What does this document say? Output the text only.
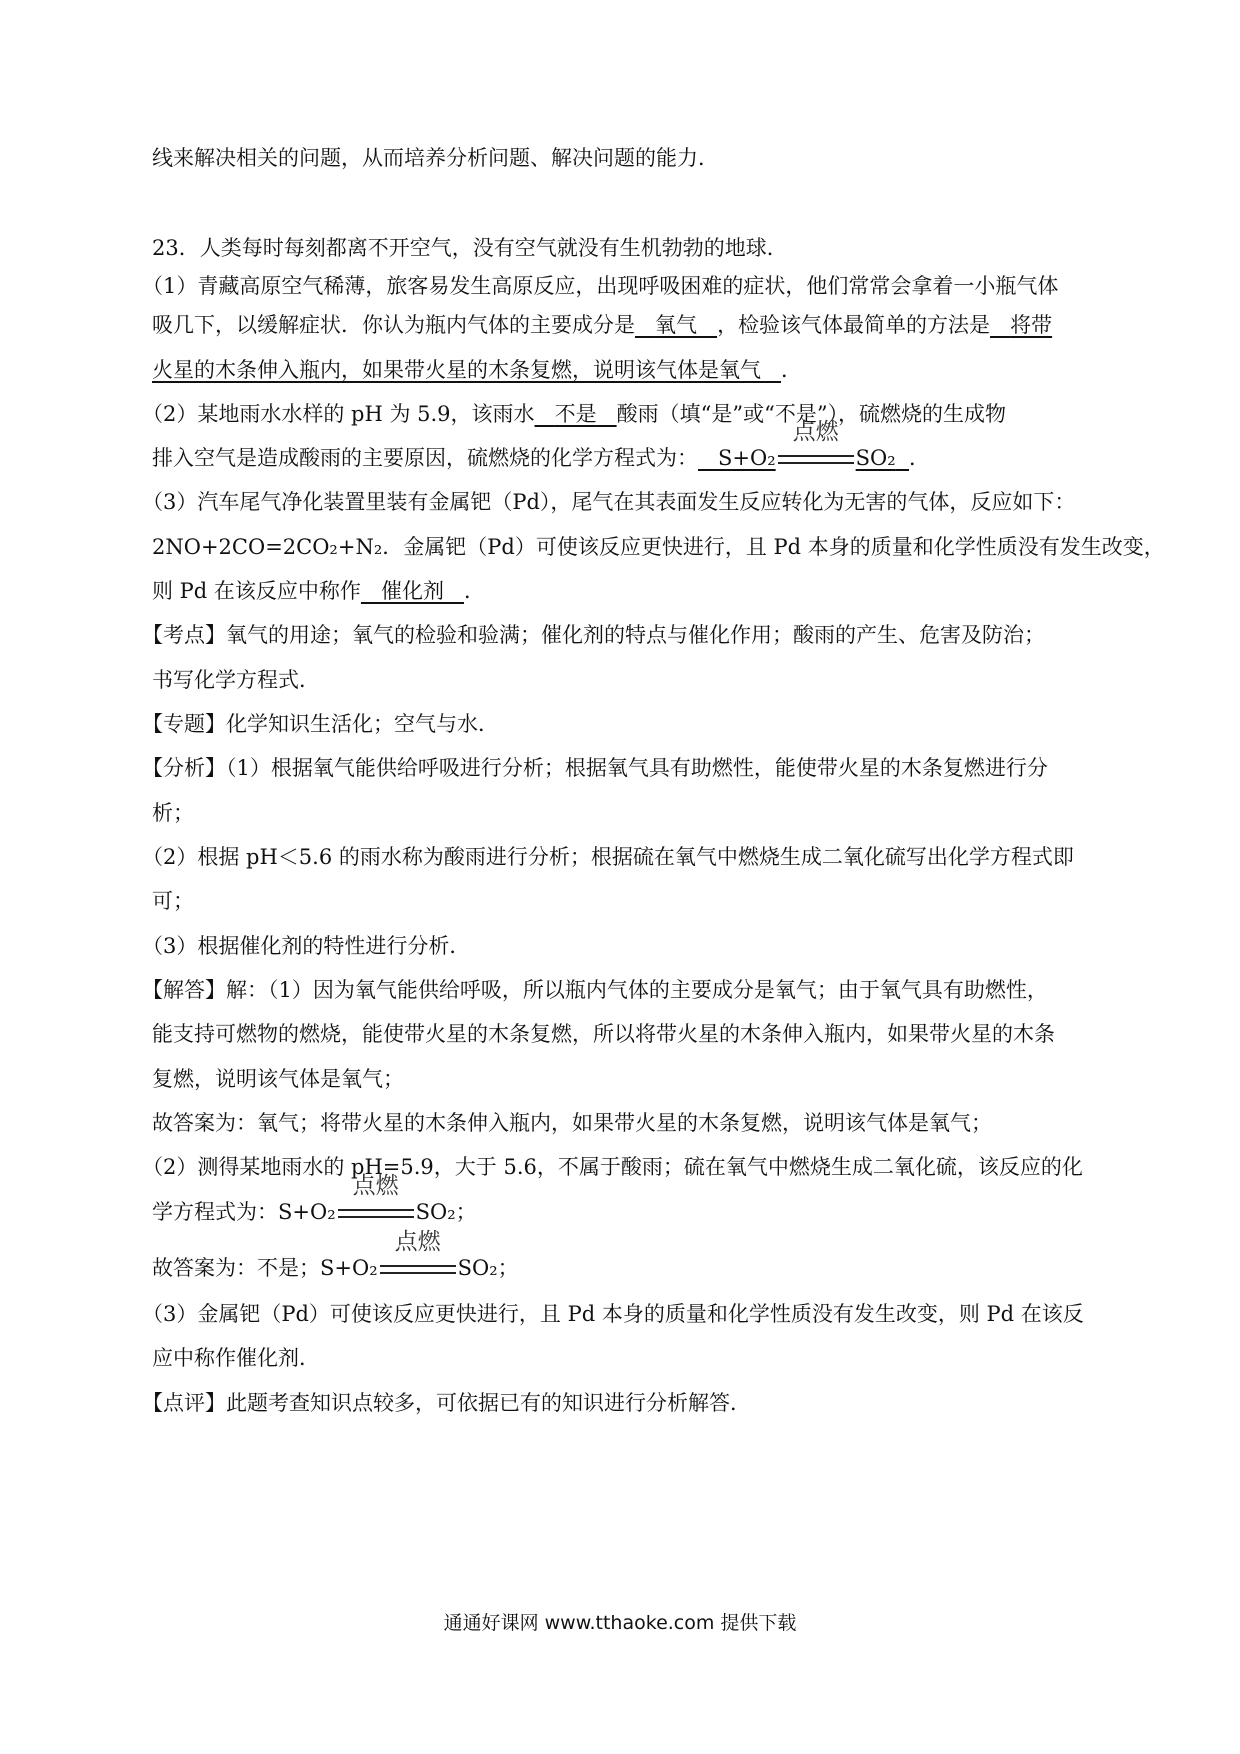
线来解决相关的问题，从而培养分析问题、解决问题的能力．
23．人类每时每刻都离不开空气，没有空气就没有生机勃勃的地球．
（1）青藏高原空气稀薄，旅客易发生高原反应，出现呼吸困难的症状，他们常常会拿着一小瓶气体
吸几下，以缓解症状．你认为瓶内气体的主要成分是 氧气 ，检验该气体最简单的方法是 将带
火星的木条伸入瓶内，如果带火星的木条复燃，说明该气体是氧气 ．
（2）某地雨水水样的 pH 为 5.9，该雨水 不是 酸雨（填“是”或“不是”），硫燃烧的生成物
排入空气是造成酸雨的主要原因，硫燃烧的化学方程式为： S+O₂
点燃
SO₂ ．
（3）汽车尾气净化装置里装有金属钯（Pd），尾气在其表面发生反应转化为无害的气体，反应如下：
2NO+2CO=2CO₂+N₂．金属钯（Pd）可使该反应更快进行，且 Pd 本身的质量和化学性质没有发生改变，
则 Pd 在该反应中称作 催化剂 ．
【考点】氧气的用途；氧气的检验和验满；催化剂的特点与催化作用；酸雨的产生、危害及防治；
书写化学方程式．
【专题】化学知识生活化；空气与水．
【分析】（1）根据氧气能供给呼吸进行分析；根据氧气具有助燃性，能使带火星的木条复燃进行分
析；
（2）根据 pH＜5.6 的雨水称为酸雨进行分析；根据硫在氧气中燃烧生成二氧化硫写出化学方程式即
可；
（3）根据催化剂的特性进行分析．
【解答】解：（1）因为氧气能供给呼吸，所以瓶内气体的主要成分是氧气；由于氧气具有助燃性，
能支持可燃物的燃烧，能使带火星的木条复燃，所以将带火星的木条伸入瓶内，如果带火星的木条
复燃，说明该气体是氧气；
故答案为：氧气；将带火星的木条伸入瓶内，如果带火星的木条复燃，说明该气体是氧气；
（2）测得某地雨水的 pH=5.9，大于 5.6，不属于酸雨；硫在氧气中燃烧生成二氧化硫，该反应的化
学方程式为：S+O₂
点燃
SO₂；
故答案为：不是；S+O₂
点燃
SO₂；
（3）金属钯（Pd）可使该反应更快进行，且 Pd 本身的质量和化学性质没有发生改变，则 Pd 在该反
应中称作催化剂．
【点评】此题考查知识点较多，可依据已有的知识进行分析解答．
通通好课网 www.tthaoke.com 提供下载
